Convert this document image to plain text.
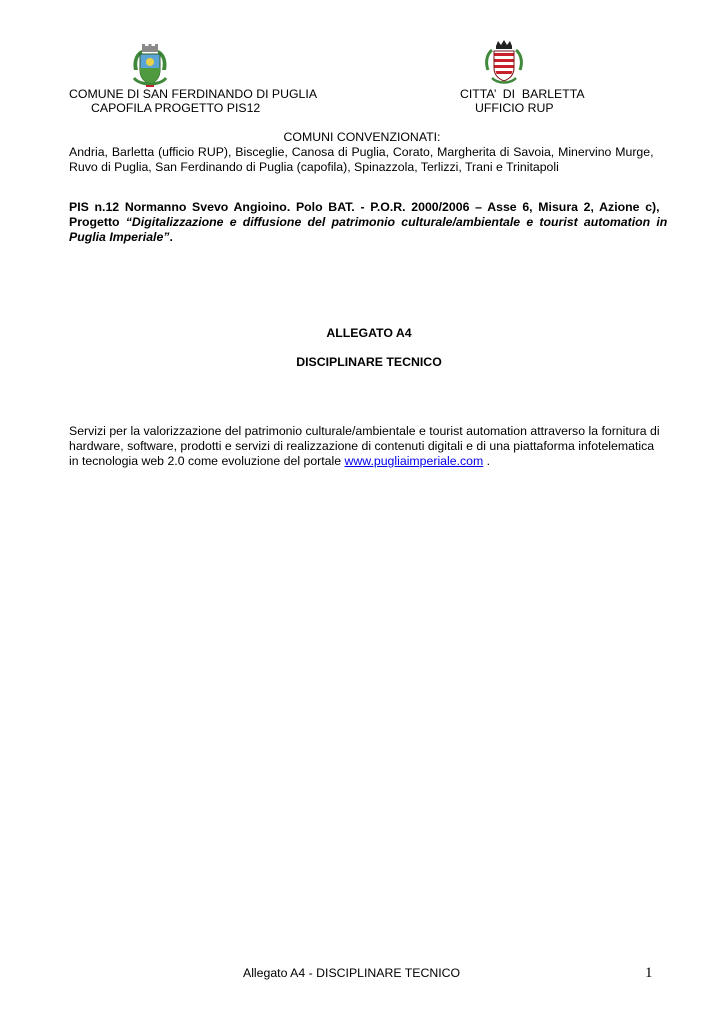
COMUNE DI SAN FERDINANDO DI PUGLIA
CAPOFILA PROGETTO PIS12
CITTA’  DI  BARLETTA
UFFICIO RUP
COMUNI CONVENZIONATI:
Andria, Barletta (ufficio RUP), Bisceglie, Canosa di Puglia, Corato, Margherita di Savoia, Minervino Murge,
Ruvo di Puglia, San Ferdinando di Puglia (capofila), Spinazzola, Terlizzi, Trani e Trinitapoli
PIS n.12 Normanno Svevo Angioino. Polo BAT. - P.O.R. 2000/2006 – Asse 6, Misura 2, Azione c),
Progetto “Digitalizzazione e diffusione del patrimonio culturale/ambientale e tourist automation in
Puglia Imperiale”.
ALLEGATO A4
DISCIPLINARE TECNICO
Servizi per la valorizzazione del patrimonio culturale/ambientale e tourist automation attraverso la fornitura di
hardware, software, prodotti e servizi di realizzazione di contenuti digitali e di una piattaforma infotelematica
in tecnologia web 2.0 come evoluzione del portale www.pugliaimperiale.com .
Allegato A4 - DISCIPLINARE TECNICO	1
